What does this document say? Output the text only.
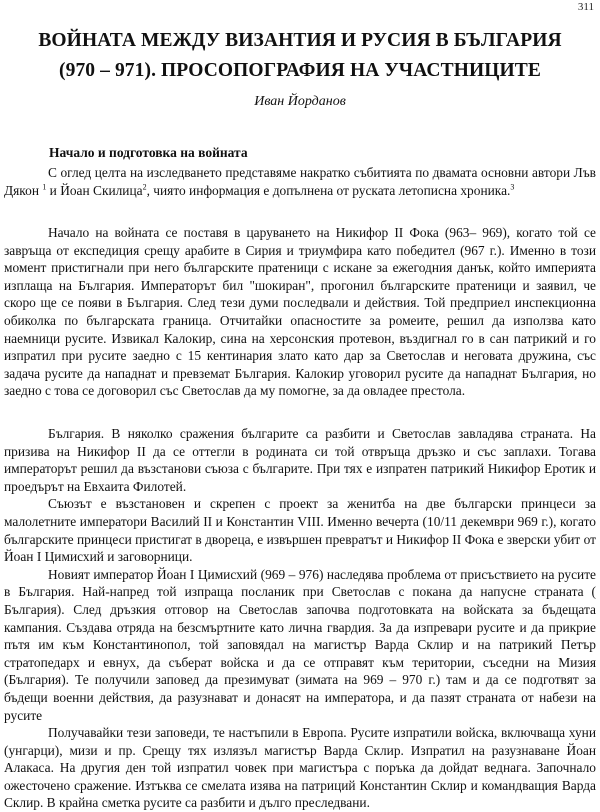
311
ВОЙНАТА МЕЖДУ ВИЗАНТИЯ И РУСИЯ В БЪЛГАРИЯ
(970 – 971). ПРОСОПОГРАФИЯ НА УЧАСТНИЦИТЕ
Иван Йорданов
Начало и подготовка на войната

С оглед целта на изследването представяме накратко събитията по двамата основни автори Лъв Дякон $^1$ и Йоан Скилица$^2$, чиято информация е допълнена от руската летописна хроника.$^3$

Начало на войната се поставя в царуването на Никифор II Фока (963– 969), когато той се завръща от експедиция срещу арабите в Сирия и триумфира като победител (967 г.). Именно в този момент пристигнали при него българските пратеници с искане за ежегодния данък, който империята изплаща на България. Императорът бил "шокиран", прогонил българските пратеници и заявил, че скоро ще се появи в България. След тези думи последвали и действия. Той предприел инспекционна обиколка по българската граница. Отчитайки опасностите за ромеите, решил да използва като наемници русите. Извикал Калокир, сина на херсонския протевон, въздигнал го в сан патрикий и го изпратил при русите заедно с 15 кентинария злато като дар за Светослав и неговата дружина, със задача русите да нападнат и превземат България. Калокир уговорил русите да нападнат България, но заедно с това се договорил със Светослав да му помогне, за да овладее престола.

България. В няколко сражения българите са разбити и Светослав завладява страната. На призива на Никифор II да се оттегли в родината си той отвръща дръзко и със заплахи. Тогава императорът решил да възстанови съюза с българите. При тях е изпратен патрикий Никифор Еротик и проедърът на Евхаита Филотей.

Съюзът е възстановен и скрепен с проект за женитба на две български принцеси за малолетните императори Василий II и Константин VIII. Именно вечерта (10/11 декември 969 г.), когато българските принцеси пристигат в двореца, е извършен превратът и Никифор II Фока е зверски убит от Йоан I Цимисхий и заговорници.

Новият император Йоан I Цимисхий (969 – 976) наследява проблема от присъствието на русите в България. Най-напред той изпраща посланик при Светослав с покана да напусне страната ( България). След дръзкия отговор на Светослав започва подготовката на войската за бъдещата кампания. Създава отряда на безсмъртните като лична гвардия. За да изпревари русите и да прикрие пътя им към Константинопол, той заповядал на магистър Варда Склир и на патрикий Петър стратопедарх и евнух, да съберат войска и да се отправят към територии, съседни на Мизия (България). Те получили заповед да презимуват (зимата на 969 – 970 г.) там и да се подготвят за бъдещи военни действия, да разузнават и донасят на императора, и да пазят страната от набези на русите

Получавайки тези заповеди, те настъпили в Европа. Русите изпратили войска, включваща хуни (унгарци), мизи и пр. Срещу тях излязъл магистър Варда Склир. Изпратил на разузнаване Йоан Алакаса. На другия ден той изпратил човек при магистъра с поръка да дойдат веднага. Започнало ожесточено сражение. Изтъква се смелата изява на патриций Константин Склир и командващия Варда Склир. В крайна сметка русите са разбити и дълго преследвани.
